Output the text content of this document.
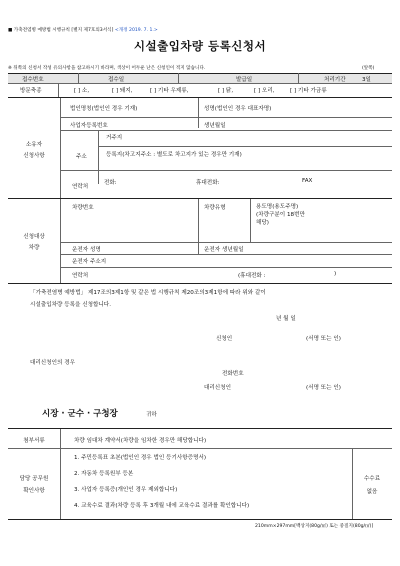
■ 가축전염병 예방법 시행규칙 [별지 제7호의3서식] <개정 2019. 7. 1.>
시설출입차량 등록신청서
※ 뒤쪽의 신청서 작성 유의사항을 참고하시기 바라며, 색상이 어두운 난은 신청인이 적지 않습니다.	(앞쪽)
접수번호	접수일	발급일	처리기간	3일
방문축종	[ ] 소,	[ ] 돼지,	[ ] 기타 우제류,	[ ] 닭,	[ ] 오리,	[ ] 기타 가금류
소유자
신청사항
법인명칭(법인인 경우 기재)	성명(법인인 경우 대표자명)
사업자등록번호	생년월일
주소
거주지
등록지(차고지주소 : 별도로 차고지가 있는 경우만 기재)
연락처
전화:	휴대전화:	FAX
신청대상
차량
차량번호	차량유형	용도명(용도주명)
(차량구분이 18번만
해당)
운전자 성명	운전자 생년월일
운전자 주소지
연락처	(휴대전화 :	)
「가축전염병 예방법」 제17조의3제1항 및 같은 법 시행규칙 제20조의3제1항에 따라 위와 같이
시설출입차량 등록을 신청합니다.
년 월 일
신청인	(서명 또는 인)
대리신청인의 경우
전화번호
대리신청인	(서명 또는 인)
시장 · 군수 · 구청장	귀하
첨부서류	차량 임대차 계약서(차량을 임차한 경우만 해당합니다)
담당 공무원
확인사항
1. 주민등록표 초본(법인인 경우 법인 등기사항증명서)
2. 자동차 등록원부 등본
3. 사업자 등록증(개인인 경우 제외합니다)
4. 교육수료 결과(차량 등록 후 3개월 내에 교육수료 결과를 확인합니다)
수수료
없음
210mm×297mm[백상지(80g/㎡) 또는 중질지(80g/㎡)]
